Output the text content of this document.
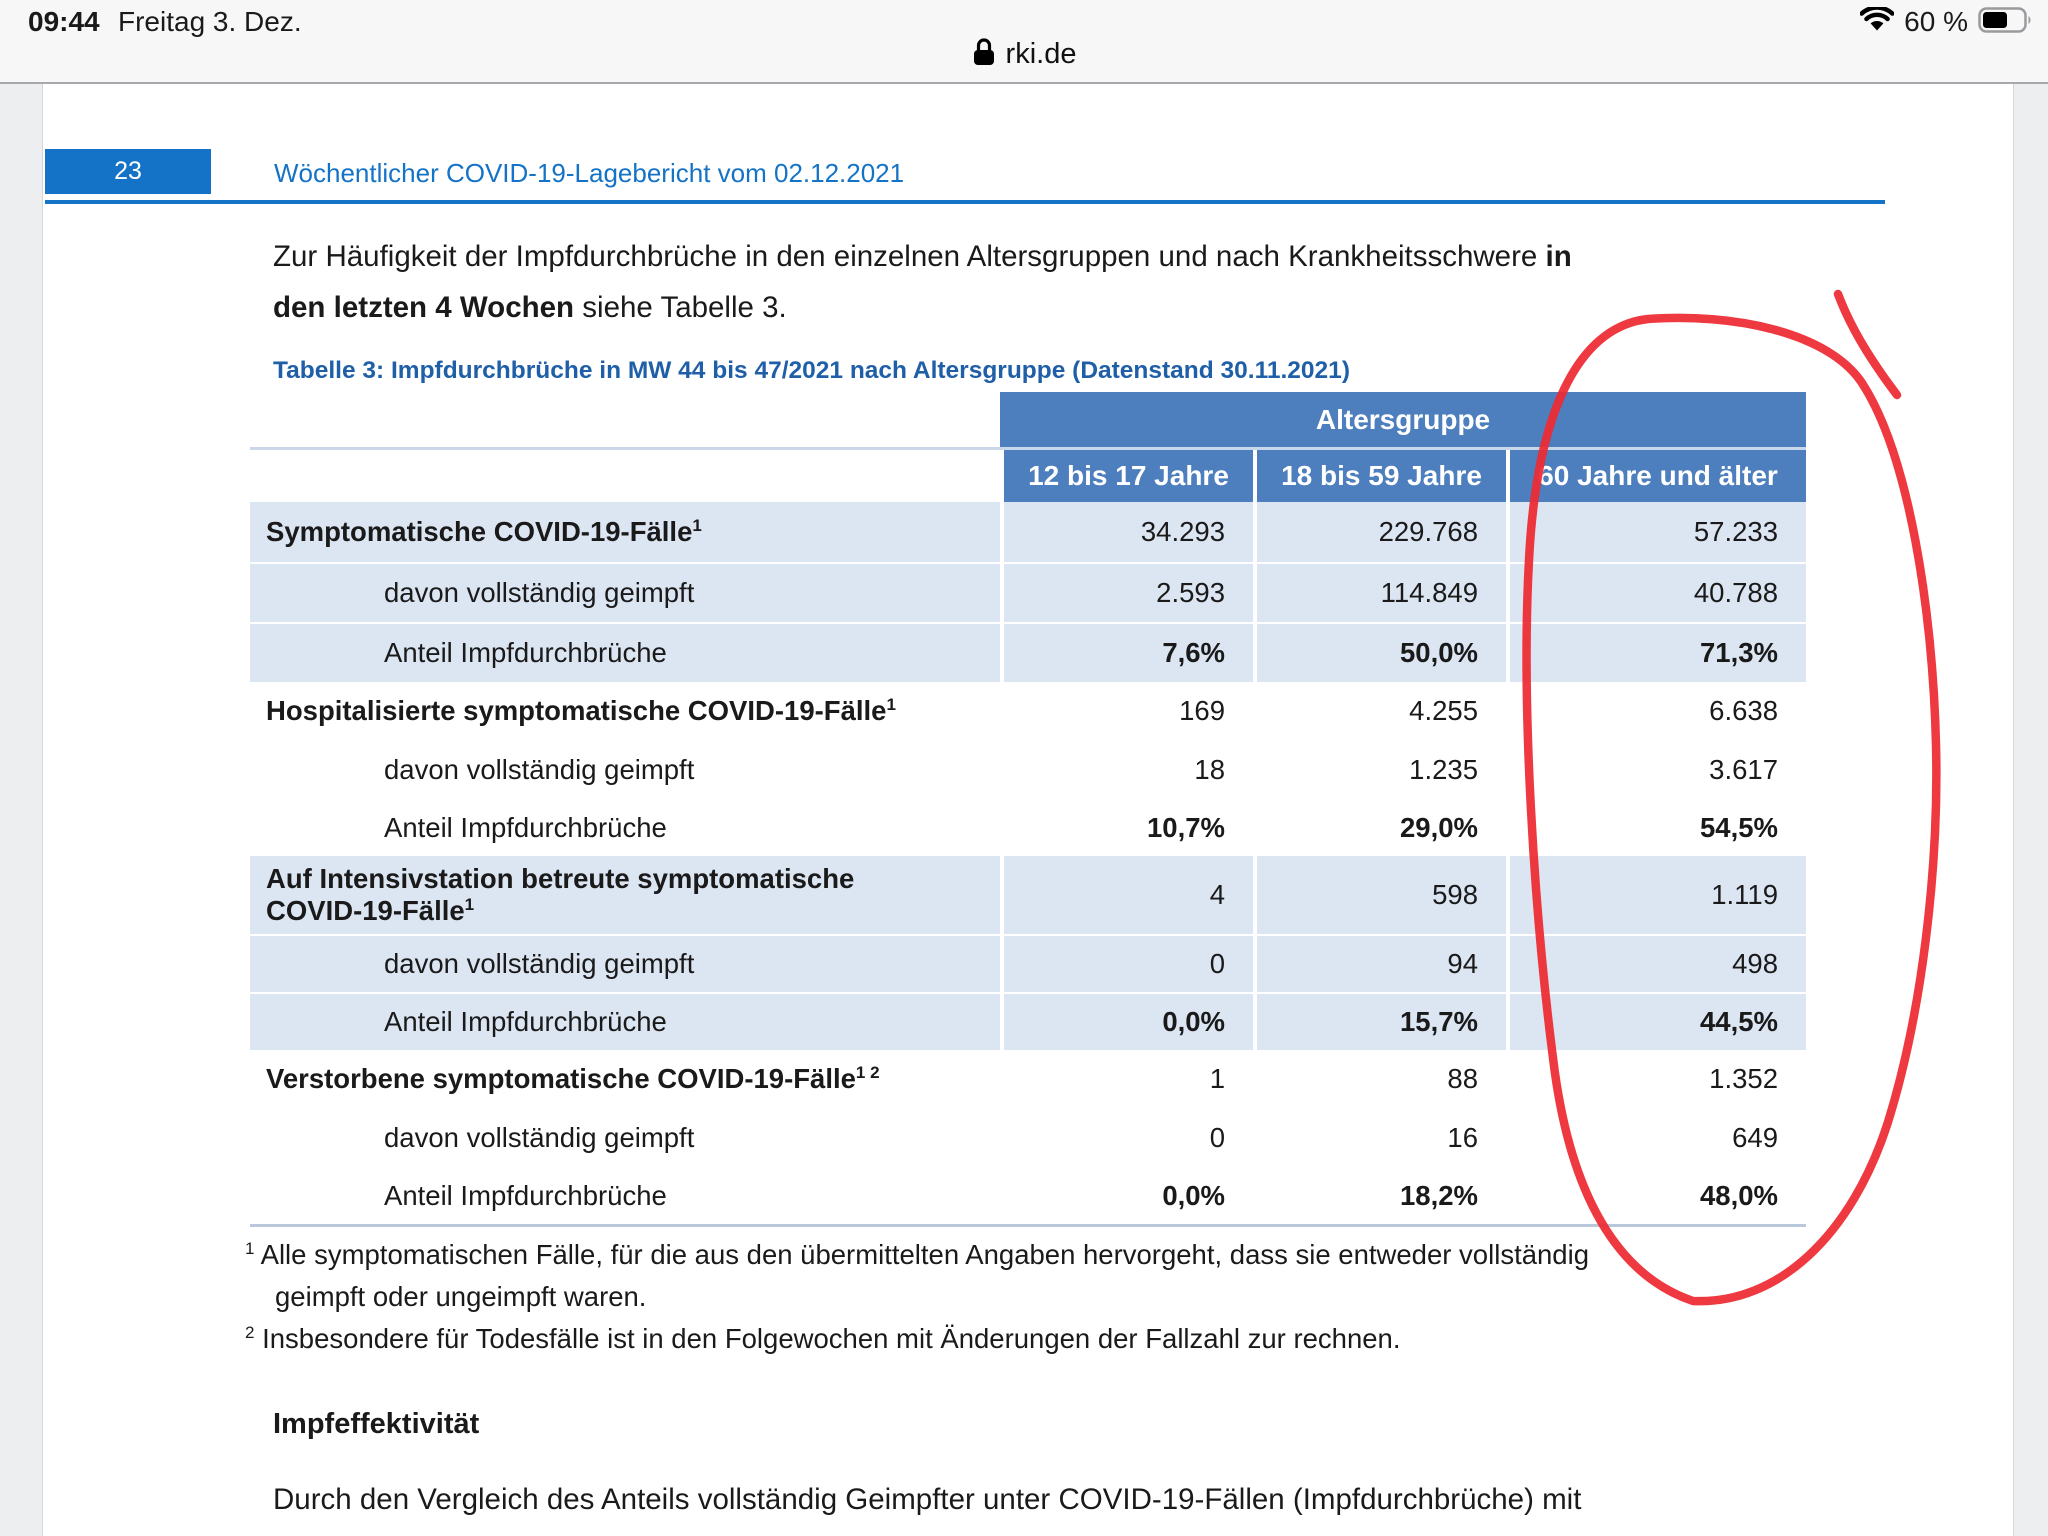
09:44 Freitag 3. Dez.	60 %
rki.de
23	Wöchentlicher COVID-19-Lagebericht vom 02.12.2021
Zur Häufigkeit der Impfdurchbrüche in den einzelnen Altersgruppen und nach Krankheitsschwere in
den letzten 4 Wochen siehe Tabelle 3.
Tabelle 3: Impfdurchbrüche in MW 44 bis 47/2021 nach Altersgruppe (Datenstand 30.11.2021)
Altersgruppe
12 bis 17 Jahre	18 bis 59 Jahre	60 Jahre und älter
Symptomatische COVID-19-Fälle$^1$	34.293	229.768	57.233
davon vollständig geimpft	2.593	114.849	40.788
Anteil Impfdurchbrüche	7,6%	50,0%	71,3%
Hospitalisierte symptomatische COVID-19-Fälle$^1$	169	4.255	6.638
davon vollständig geimpft	18	1.235	3.617
Anteil Impfdurchbrüche	10,7%	29,0%	54,5%
Auf Intensivstation betreute symptomatische
COVID-19-Fälle$^1$	4	598	1.119
davon vollständig geimpft	0	94	498
Anteil Impfdurchbrüche	0,0%	15,7%	44,5%
Verstorbene symptomatische COVID-19-Fälle$^{1 2}$	1	88	1.352
davon vollständig geimpft	0	16	649
Anteil Impfdurchbrüche	0,0%	18,2%	48,0%
$^1$ Alle symptomatischen Fälle, für die aus den übermittelten Angaben hervorgeht, dass sie entweder vollständig
geimpft oder ungeimpft waren.
$^2$ Insbesondere für Todesfälle ist in den Folgewochen mit Änderungen der Fallzahl zur rechnen.
Impfeffektivität
Durch den Vergleich des Anteils vollständig Geimpfter unter COVID-19-Fällen (Impfdurchbrüche) mit
